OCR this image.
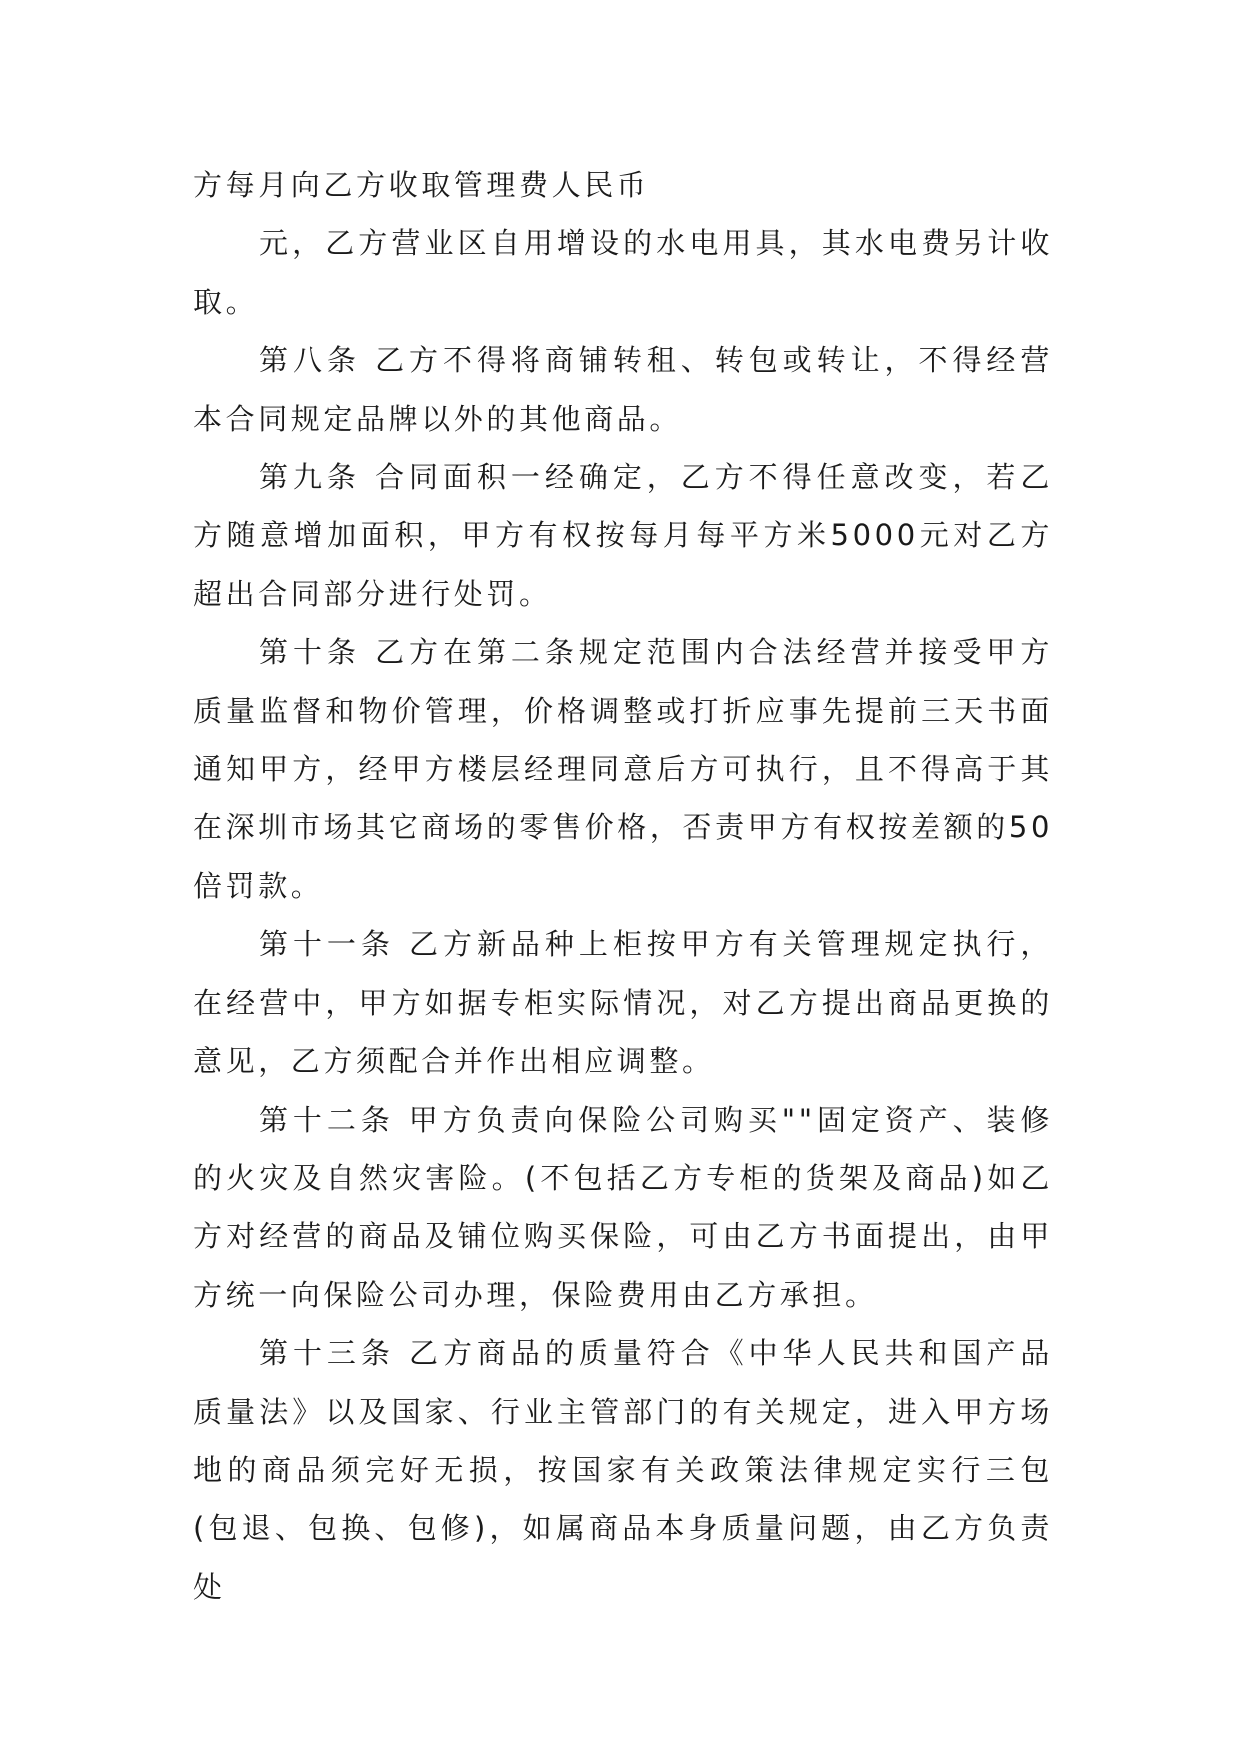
方每月向乙方收取管理费人民币

元，乙方营业区自用增设的水电用具，其水电费另计收取。

第八条 乙方不得将商铺转租、转包或转让，不得经营本合同规定品牌以外的其他商品。

第九条 合同面积一经确定，乙方不得任意改变，若乙方随意增加面积，甲方有权按每月每平方米5000元对乙方超出合同部分进行处罚。

第十条 乙方在第二条规定范围内合法经营并接受甲方质量监督和物价管理，价格调整或打折应事先提前三天书面通知甲方，经甲方楼层经理同意后方可执行，且不得高于其在深圳市场其它商场的零售价格，否责甲方有权按差额的50倍罚款。

第十一条 乙方新品种上柜按甲方有关管理规定执行，在经营中，甲方如据专柜实际情况，对乙方提出商品更换的意见，乙方须配合并作出相应调整。

第十二条 甲方负责向保险公司购买""固定资产、装修的火灾及自然灾害险。(不包括乙方专柜的货架及商品)如乙方对经营的商品及铺位购买保险，可由乙方书面提出，由甲方统一向保险公司办理，保险费用由乙方承担。

第十三条 乙方商品的质量符合《中华人民共和国产品质量法》以及国家、行业主管部门的有关规定，进入甲方场地的商品须完好无损，按国家有关政策法律规定实行三包(包退、包换、包修)，如属商品本身质量问题，由乙方负责处
